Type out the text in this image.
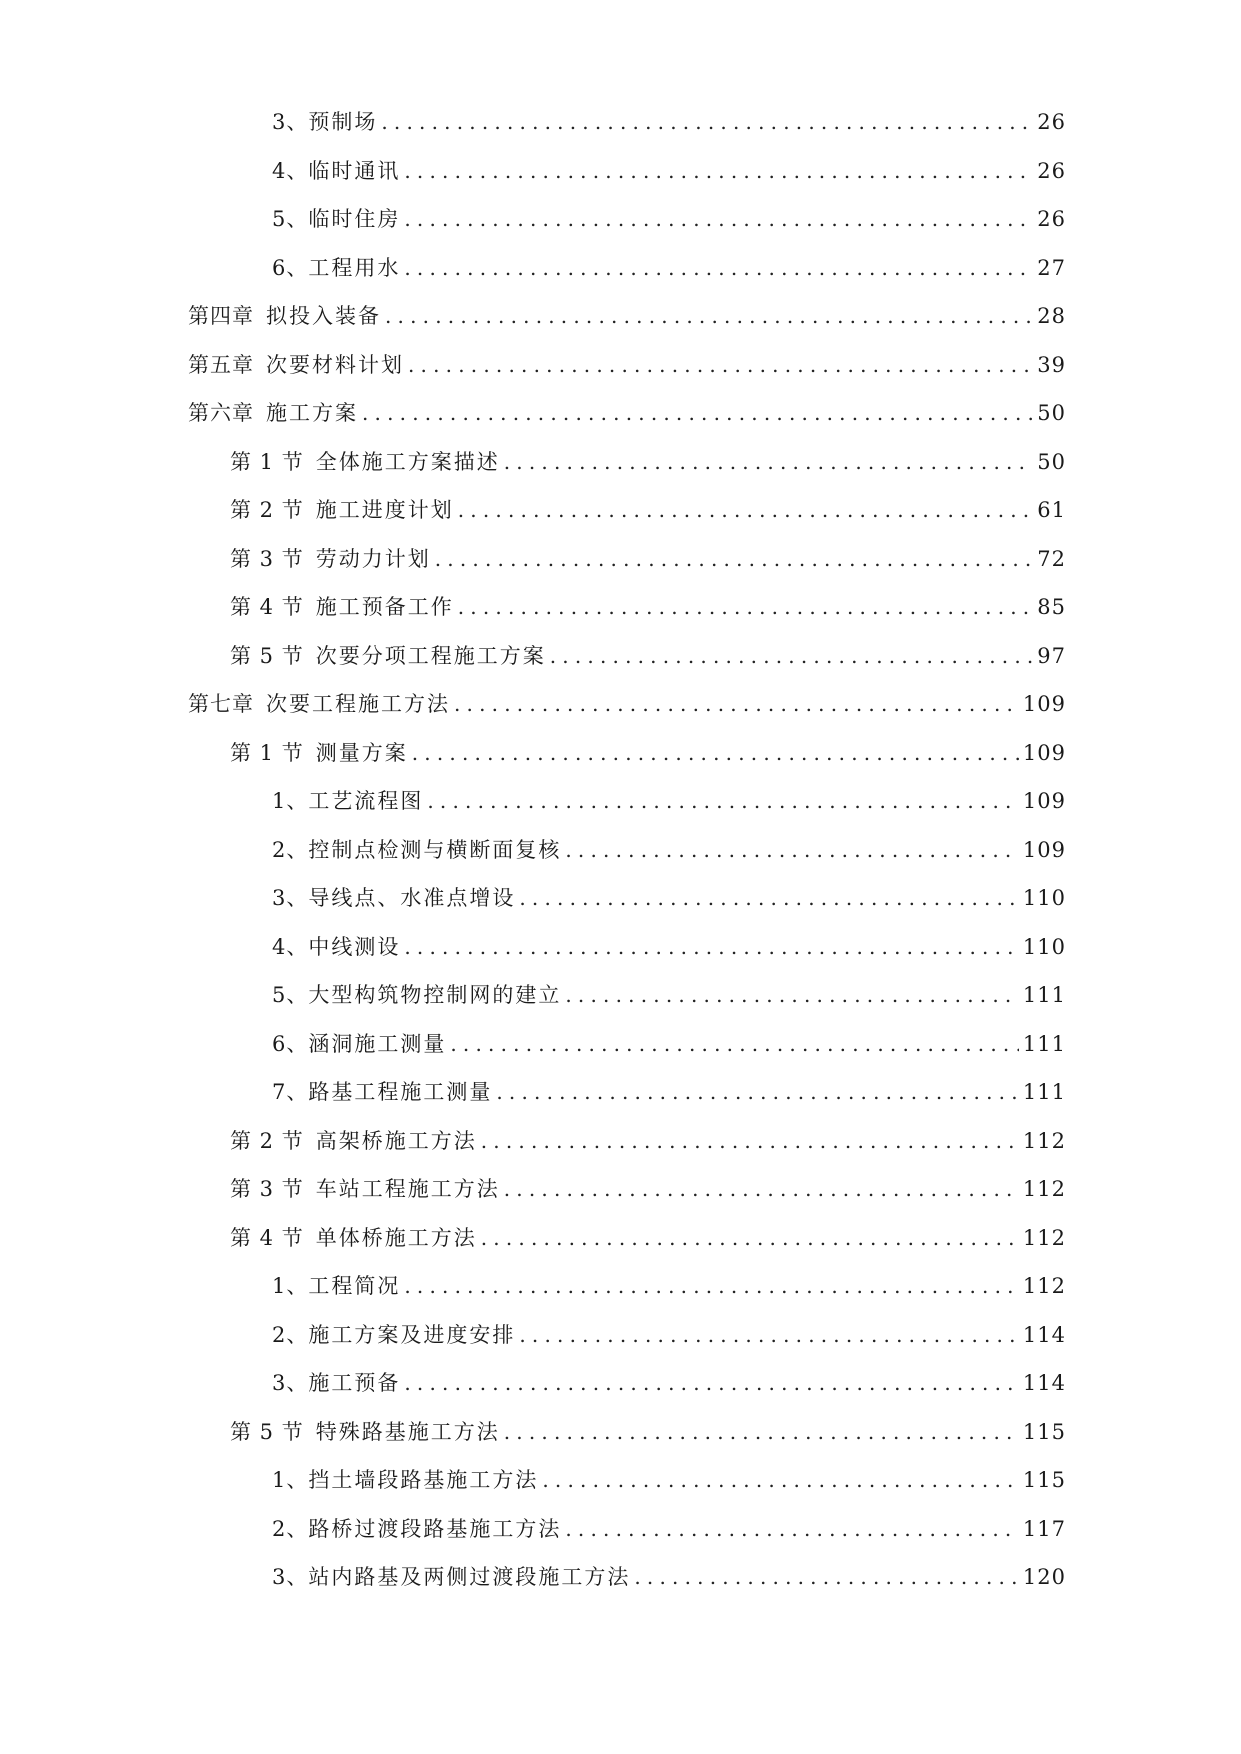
3、 预制场 .....	26
4、 临时通讯 .....	26
5、 临时住房 .....	26
6、 工程用水 .....	27
第四章 拟投入装备 .....	28
第五章 次要材料计划 .....	39
第六章 施工方案 .....	50
第 1 节 全体施工方案描述 .....	50
第 2 节 施工进度计划 .....	61
第 3 节 劳动力计划 .....	72
第 4 节 施工预备工作 .....	85
第 5 节 次要分项工程施工方案 .....	97
第七章 次要工程施工方法 .....	109
第 1 节 测量方案 .....	109
1、 工艺流程图 .....	109
2、 控制点检测与横断面复核 .....	109
3、 导线点、水准点增设 .....	110
4、 中线测设 .....	110
5、 大型构筑物控制网的建立 .....	111
6、 涵洞施工测量 .....	111
7、 路基工程施工测量 .....	111
第 2 节 高架桥施工方法 .....	112
第 3 节 车站工程施工方法 .....	112
第 4 节 单体桥施工方法 .....	112
1、 工程简况 .....	112
2、 施工方案及进度安排 .....	114
3、 施工预备 .....	114
第 5 节 特殊路基施工方法 .....	115
1、 挡土墙段路基施工方法 .....	115
2、 路桥过渡段路基施工方法 .....	117
3、 站内路基及两侧过渡段施工方法 .....	120
